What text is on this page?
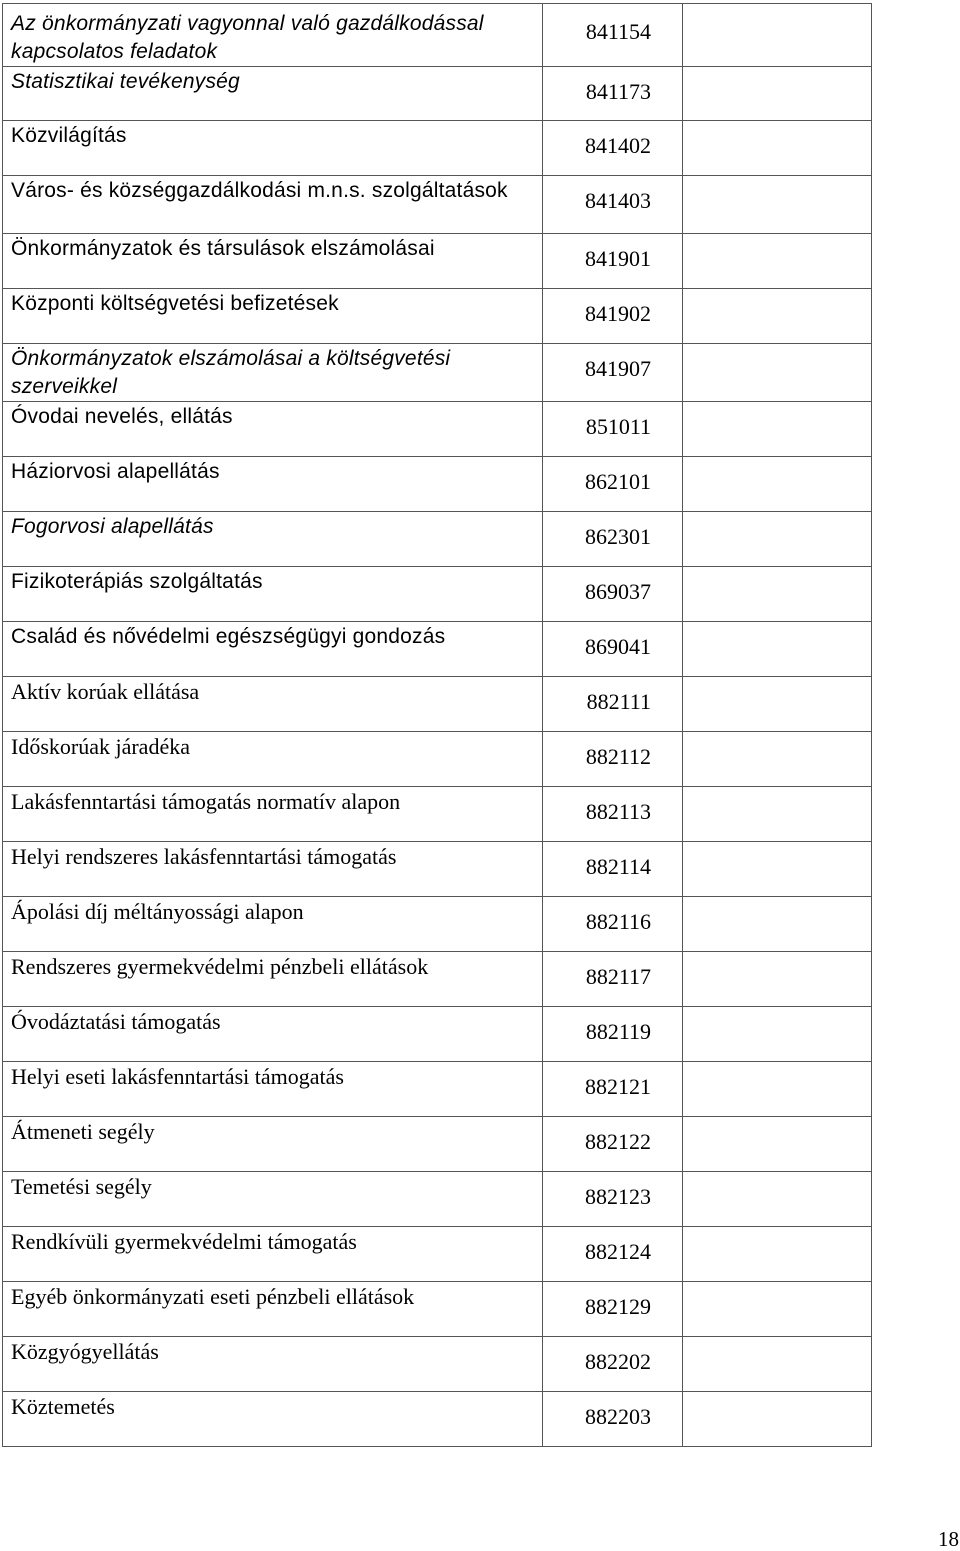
Az önkormányzati vagyonnal való gazdálkodással kapcsolatos feladatok	841154	

Statisztikai tevékenység	841173	

Közvilágítás	841402	

Város- és községgazdálkodási m.n.s. szolgáltatások	841403	

Önkormányzatok és társulások elszámolásai	841901	

Központi költségvetési befizetések	841902	

Önkormányzatok elszámolásai a költségvetési szerveikkel	841907	

Óvodai nevelés, ellátás	851011	

Háziorvosi alapellátás	862101	

Fogorvosi alapellátás	862301	

Fizikoterápiás szolgáltatás	869037	

Család és nővédelmi egészségügyi gondozás	869041	

Aktív korúak ellátása	882111	

Időskorúak járadéka	882112	

Lakásfenntartási támogatás normatív alapon	882113	

Helyi rendszeres lakásfenntartási támogatás	882114	

Ápolási díj méltányossági alapon	882116	

Rendszeres gyermekvédelmi pénzbeli ellátások	882117	

Óvodáztatási támogatás	882119	

Helyi eseti lakásfenntartási támogatás	882121	

Átmeneti segély	882122	

Temetési segély	882123	

Rendkívüli gyermekvédelmi támogatás	882124	

Egyéb önkormányzati eseti pénzbeli ellátások	882129	

Közgyógyellátás	882202	

Köztemetés	882203	

18
